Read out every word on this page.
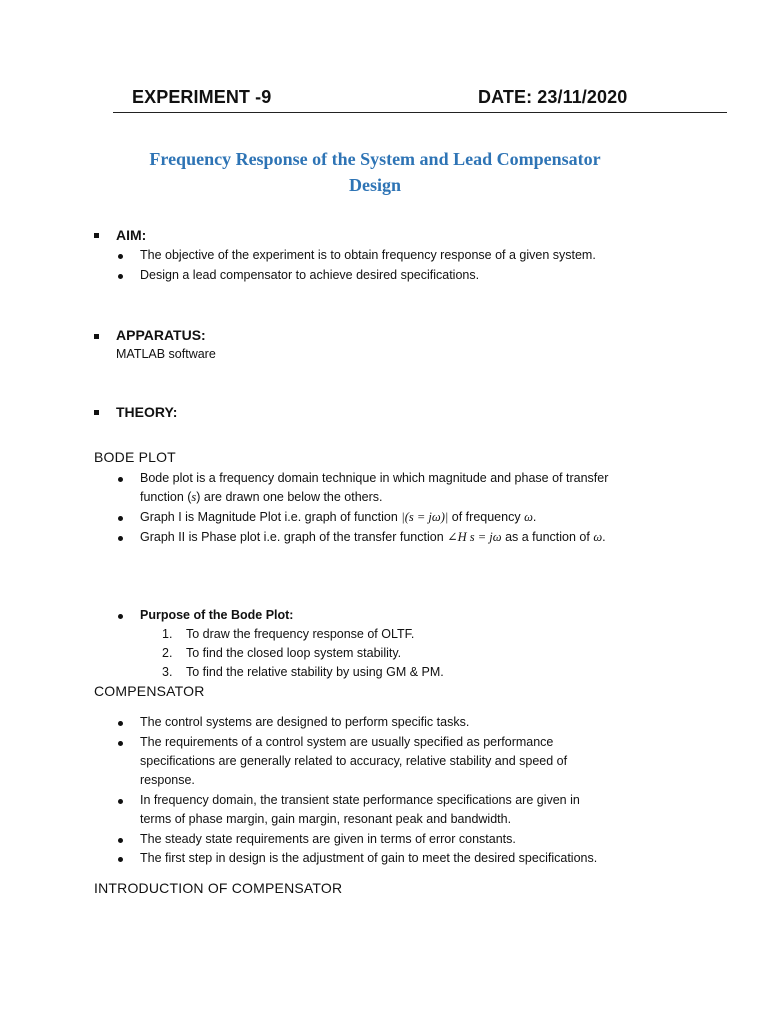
EXPERIMENT -9	DATE: 23/11/2020
Frequency Response of the System and Lead Compensator
Design
AIM:
The objective of the experiment is to obtain frequency response of a given system.
Design a lead compensator to achieve desired specifications.
APPARATUS:
MATLAB software
THEORY:
BODE PLOT
Bode plot is a frequency domain technique in which magnitude and phase of transfer
function (s) are drawn one below the others.
Graph I is Magnitude Plot i.e. graph of function |(s = jω)| of frequency ω.
Graph II is Phase plot i.e. graph of the transfer function ∠H s = jω as a function of ω.
Purpose of the Bode Plot:
1. To draw the frequency response of OLTF.
2. To find the closed loop system stability.
3. To find the relative stability by using GM & PM.
COMPENSATOR
The control systems are designed to perform specific tasks.
The requirements of a control system are usually specified as performance
specifications are generally related to accuracy, relative stability and speed of
response.
In frequency domain, the transient state performance specifications are given in
terms of phase margin, gain margin, resonant peak and bandwidth.
The steady state requirements are given in terms of error constants.
The first step in design is the adjustment of gain to meet the desired specifications.
INTRODUCTION OF COMPENSATOR
